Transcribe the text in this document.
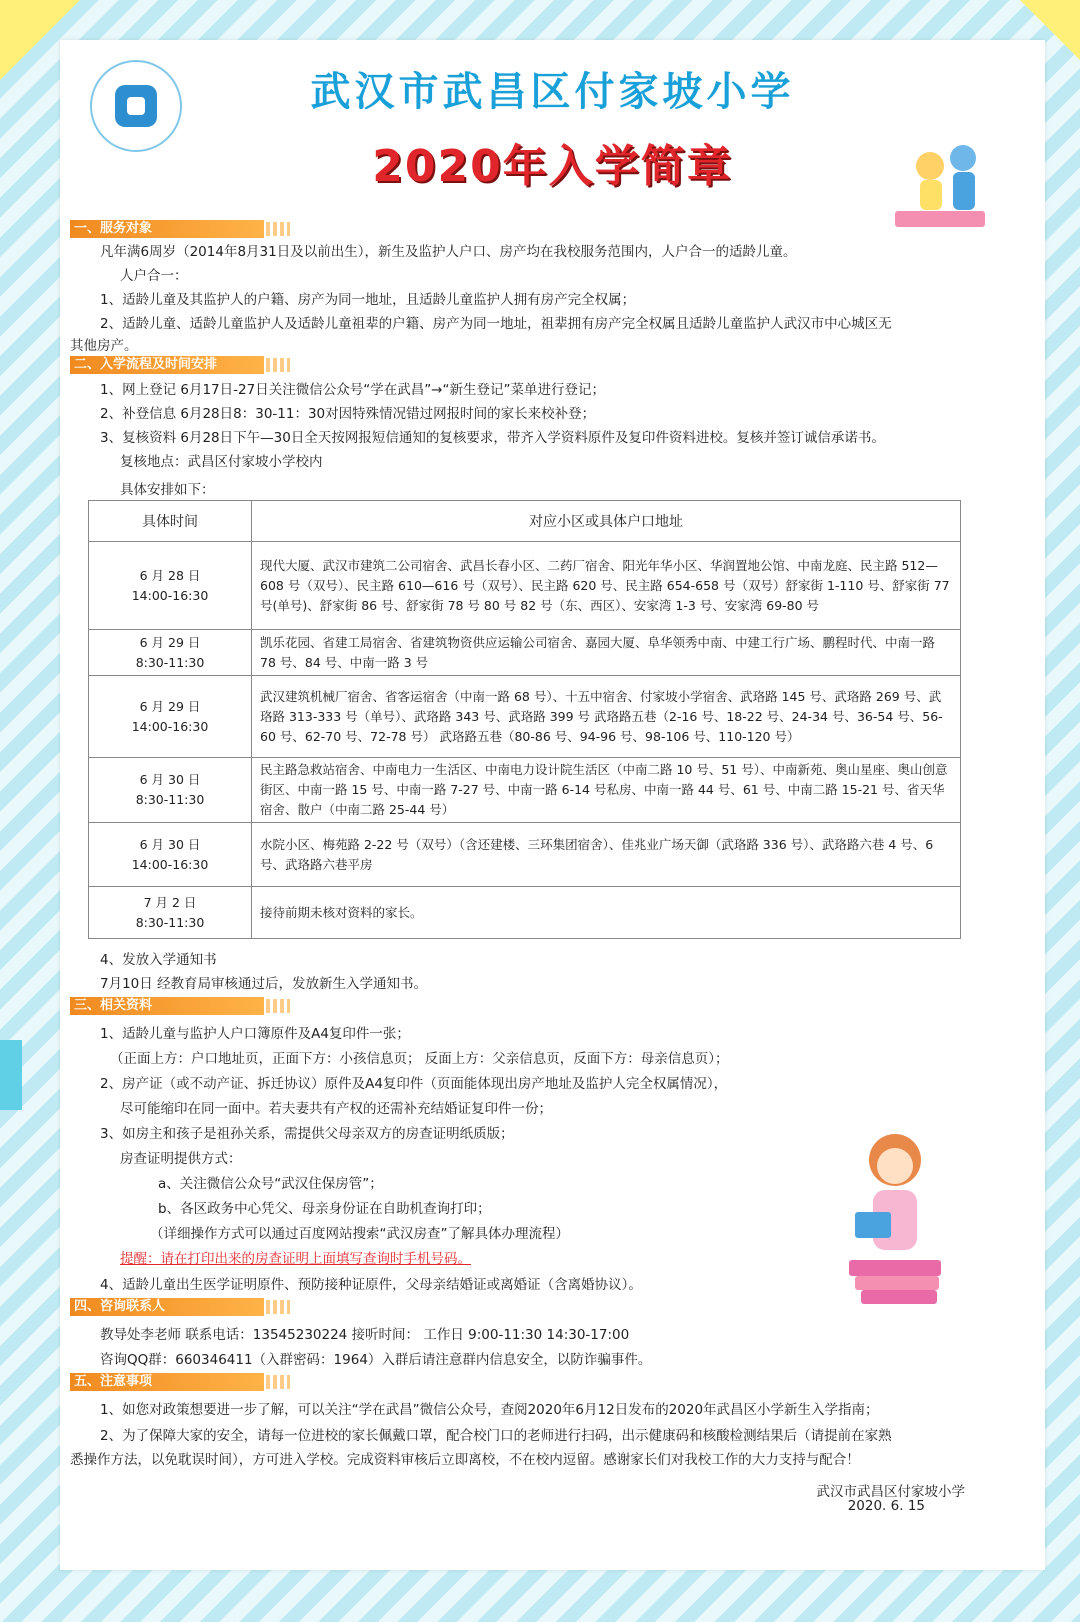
武汉市武昌区付家坡小学
2020年入学简章
一、服务对象
凡年满6周岁（2014年8月31日及以前出生），新生及监护人户口、房产均在我校服务范围内，人户合一的适龄儿童。
人户合一：
1、适龄儿童及其监护人的户籍、房产为同一地址，且适龄儿童监护人拥有房产完全权属；
2、适龄儿童、适龄儿童监护人及适龄儿童祖辈的户籍、房产为同一地址，祖辈拥有房产完全权属且适龄儿童监护人武汉市中心城区无
其他房产。
二、入学流程及时间安排
1、网上登记 6月17日-27日关注微信公众号“学在武昌”→“新生登记”菜单进行登记；
2、补登信息 6月28日8：30-11：30对因特殊情况错过网报时间的家长来校补登；
3、复核资料 6月28日下午—30日全天按网报短信通知的复核要求，带齐入学资料原件及复印件资料进校。复核并签订诚信承诺书。
复核地点：武昌区付家坡小学校内
具体安排如下：
具体时间	对应小区或具体户口地址
6 月 28 日
14:00-16:30	现代大厦、武汉市建筑二公司宿舍、武昌长春小区、二药厂宿舍、阳光年华小区、华润置地公馆、中南龙庭、民主路 512—608 号（双号）、民主路 610—616 号（双号）、民主路 620 号、民主路 654-658 号（双号）舒家街 1-110 号、舒家街 77 号(单号)、舒家街 86 号、舒家街 78 号 80 号 82 号（东、西区）、安家湾 1-3 号、安家湾 69-80 号
6 月 29 日
8:30-11:30	凯乐花园、省建工局宿舍、省建筑物资供应运输公司宿舍、嘉园大厦、阜华领秀中南、中建工行广场、鹏程时代、中南一路 78 号、84 号、中南一路 3 号
6 月 29 日
14:00-16:30	武汉建筑机械厂宿舍、省客运宿舍（中南一路 68 号）、十五中宿舍、付家坡小学宿舍、武珞路 145 号、武珞路 269 号、武珞路 313-333 号（单号）、武珞路 343 号、武珞路 399 号 武珞路五巷（2-16 号、18-22 号、24-34 号、36-54 号、56-60 号、62-70 号、72-78 号） 武珞路五巷（80-86 号、94-96 号、98-106 号、110-120 号）
6 月 30 日
8:30-11:30	民主路急救站宿舍、中南电力一生活区、中南电力设计院生活区（中南二路 10 号、51 号）、中南新苑、奥山星座、奥山创意街区、中南一路 15 号、中南一路 7-27 号、中南一路 6-14 号私房、中南一路 44 号、61 号、中南二路 15-21 号、省天华宿舍、散户（中南二路 25-44 号）
6 月 30 日
14:00-16:30	水院小区、梅苑路 2-22 号（双号）（含还建楼、三环集团宿舍）、佳兆业广场天御（武珞路 336 号）、武珞路六巷 4 号、6 号、武珞路六巷平房
7 月 2 日
8:30-11:30	接待前期未核对资料的家长。
4、发放入学通知书
7月10日 经教育局审核通过后，发放新生入学通知书。
三、相关资料
1、适龄儿童与监护人户口簿原件及A4复印件一张；
（正面上方：户口地址页，正面下方：小孩信息页； 反面上方：父亲信息页，反面下方：母亲信息页）；
2、房产证（或不动产证、拆迁协议）原件及A4复印件（页面能体现出房产地址及监护人完全权属情况），
尽可能缩印在同一面中。若夫妻共有产权的还需补充结婚证复印件一份；
3、如房主和孩子是祖孙关系，需提供父母亲双方的房查证明纸质版；
房查证明提供方式：
a、关注微信公众号“武汉住保房管”；
b、各区政务中心凭父、母亲身份证在自助机查询打印；
（详细操作方式可以通过百度网站搜索“武汉房查”了解具体办理流程）
提醒：请在打印出来的房查证明上面填写查询时手机号码。
4、适龄儿童出生医学证明原件、预防接种证原件，父母亲结婚证或离婚证（含离婚协议）。
四、咨询联系人
教导处李老师 联系电话：13545230224 接听时间： 工作日 9:00-11:30 14:30-17:00
咨询QQ群：660346411（入群密码：1964）入群后请注意群内信息安全，以防诈骗事件。
五、注意事项
1、如您对政策想要进一步了解，可以关注“学在武昌”微信公众号，查阅2020年6月12日发布的2020年武昌区小学新生入学指南；
2、为了保障大家的安全，请每一位进校的家长佩戴口罩，配合校门口的老师进行扫码，出示健康码和核酸检测结果后（请提前在家熟
悉操作方法，以免耽误时间），方可进入学校。完成资料审核后立即离校，不在校内逗留。感谢家长们对我校工作的大力支持与配合！
武汉市武昌区付家坡小学
2020. 6. 15
